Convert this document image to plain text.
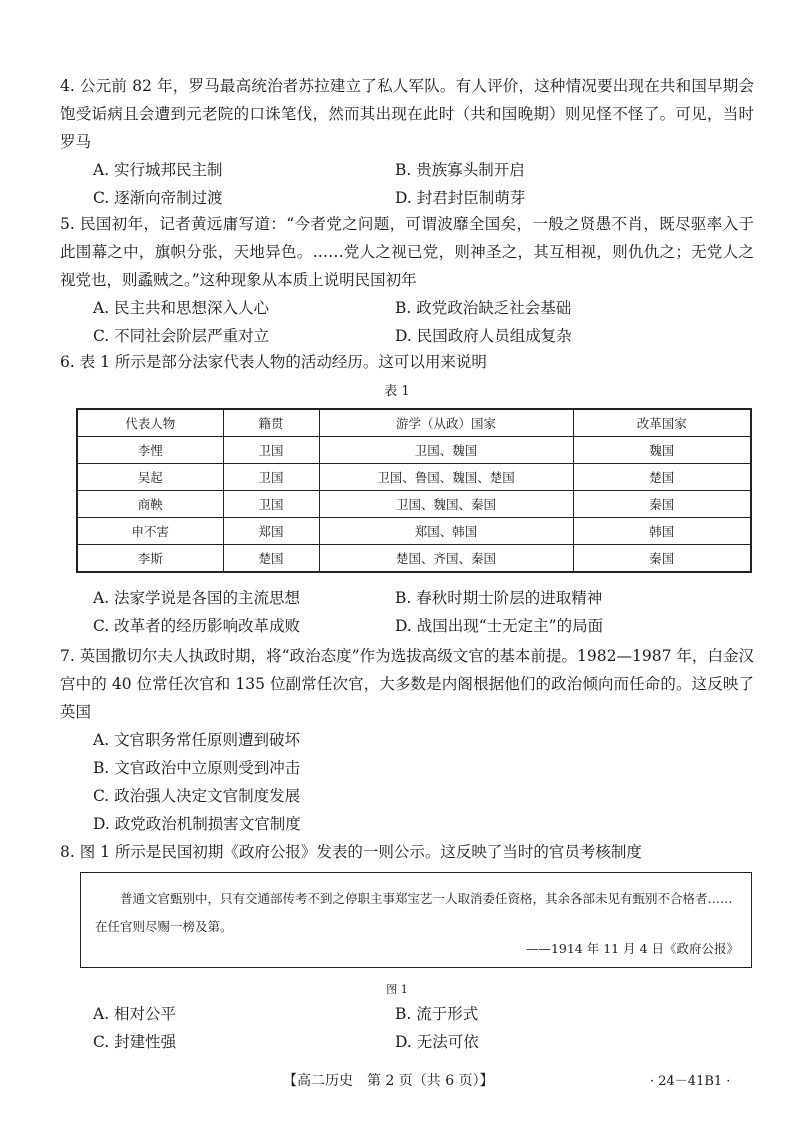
4. 公元前 82 年，罗马最高统治者苏拉建立了私人军队。有人评价，这种情况要出现在共和国早期会饱受诟病且会遭到元老院的口诛笔伐，然而其出现在此时（共和国晚期）则见怪不怪了。可见，当时罗马

A. 实行城邦民主制	B. 贵族寡头制开启
C. 逐渐向帝制过渡	D. 封君封臣制萌芽

5. 民国初年，记者黄远庸写道：“今者党之问题，可谓波靡全国矣，一般之贤愚不肖，既尽驱率入于此围幕之中，旗帜分张，天地异色。……党人之视已党，则神圣之，其互相视，则仇仇之；无党人之视党也，则蟊贼之。”这种现象从本质上说明民国初年

A. 民主共和思想深入人心	B. 政党政治缺乏社会基础
C. 不同社会阶层严重对立	D. 民国政府人员组成复杂

6. 表 1 所示是部分法家代表人物的活动经历。这可以用来说明

表 1
代表人物	籍贯	游学（从政）国家	改革国家
李悝	卫国	卫国、魏国	魏国
吴起	卫国	卫国、鲁国、魏国、楚国	楚国
商鞅	卫国	卫国、魏国、秦国	秦国
申不害	郑国	郑国、韩国	韩国
李斯	楚国	楚国、齐国、秦国	秦国
A. 法家学说是各国的主流思想	B. 春秋时期士阶层的进取精神
C. 改革者的经历影响改革成败	D. 战国出现“士无定主”的局面

7. 英国撒切尔夫人执政时期，将“政治态度”作为选拔高级文官的基本前提。1982—1987 年，白金汉宫中的 40 位常任次官和 135 位副常任次官，大多数是内阁根据他们的政治倾向而任命的。这反映了英国

A. 文官职务常任原则遭到破坏
B. 文官政治中立原则受到冲击
C. 政治强人决定文官制度发展
D. 政党政治机制损害文官制度

8. 图 1 所示是民国初期《政府公报》发表的一则公示。这反映了当时的官员考核制度

普通文官甄别中，只有交通部传考不到之停职主事郑宝艺一人取消委任资格，其余各部未见有甄别不合格者……在任官则尽赐一榜及第。
——1914 年 11 月 4 日《政府公报》
图 1
A. 相对公平	B. 流于形式
C. 封建性强	D. 无法可依
【高二历史　第 2 页（共 6 页）】	· 24－41B1 ·
